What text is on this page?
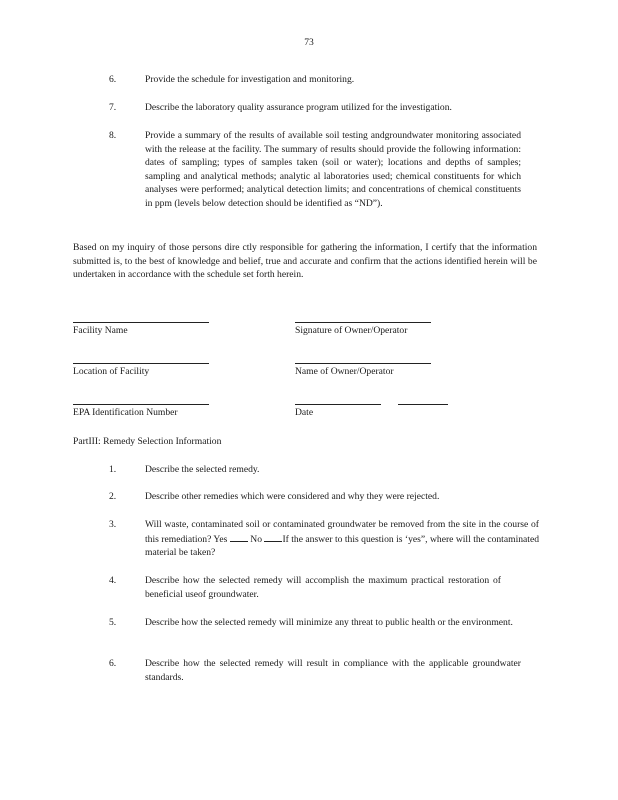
73
6.	Provide the schedule for investigation and monitoring.
7.	Describe the laboratory quality assurance program utilized for the investigation.
8.	Provide a summary of the results of available soil testing andgroundwater monitoring associated with the release at the facility. The summary of results should provide the following information: dates of sampling; types of samples taken (soil or water); locations and depths of samples; sampling and analytical methods; analytic al laboratories used; chemical constituents for which analyses were performed; analytical detection limits; and concentrations of chemical constituents in ppm (levels below detection should be identified as “ND”).
Based on my inquiry of those persons dire ctly responsible for gathering the information, I certify that the information submitted is, to the best of knowledge and belief, true and accurate and confirm that the actions identified herein will be undertaken in accordance with the schedule set forth herein.
Facility Name	Signature of Owner/Operator
Location of Facility	Name of Owner/Operator
EPA Identification Number	Date
PartIII: Remedy Selection Information
1.	Describe the selected remedy.
2.	Describe other remedies which were considered and why they were rejected.
3.	Will waste, contaminated soil or contaminated groundwater be removed from the site in the course of this remediation? Yes No If the answer to this question is ‘yes”, where will the contaminated material be taken?
4.	Describe how the selected remedy will accomplish the maximum practical restoration of beneficial useof groundwater.
5.	Describe how the selected remedy will minimize any threat to public health or the environment.
6.	Describe how the selected remedy will result in compliance with the applicable groundwater standards.
